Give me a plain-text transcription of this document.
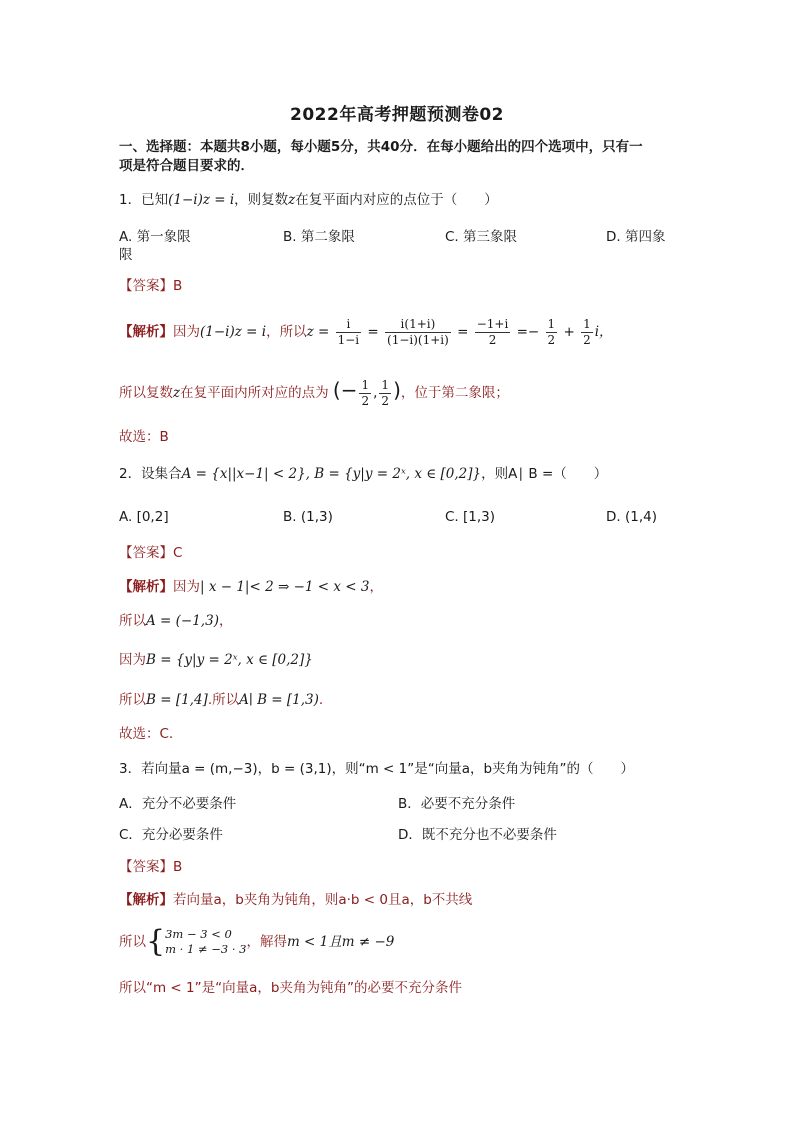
2022年高考押题预测卷02
一、选择题：本题共8小题，每小题5分，共40分．在每小题给出的四个选项中，只有一
项是符合题目要求的．
1．已知(1−i)z = i，则复数z在复平面内对应的点位于（　　）
A. 第一象限	B. 第二象限	C. 第三象限	D. 第四象
限
【答案】B
【解析】因为(1−i)z = i，所以$z = \frac{i}{1-i} = \frac{i(1+i)}{(1-i)(1+i)} = \frac{-1+i}{2} =- \frac{1}{2} + \frac{1}{2}$ i，
所以复数z在复平面内所对应的点为 (− $\frac{1}{2}$ , $\frac{1}{2}$ )，位于第二象限；
故选：B
2．设集合A = {x||x−1| < 2}, B = {y|y = 2ˣ, x ∈ [0,2]}，则A∣ B =（　　）
A. [0,2]	B. (1,3)	C. [1,3)	D. (1,4)
【答案】C
【解析】因为| x − 1|< 2 ⇒ −1 < x < 3，
所以A = (−1,3)，
因为B = {y|y = 2ˣ, x ∈ [0,2]}
所以B = [1,4].所以A∣ B = [1,3).
故选：C.
3．若向量a = (m,−3)，b = (3,1)，则“m < 1”是“向量a，b夹角为钝角”的（　　）
A．充分不必要条件	B．必要不充分条件
C．充分必要条件	D．既不充分也不必要条件
【答案】B
【解析】若向量a，b夹角为钝角，则a·b < 0且a，b不共线
所以{ 3m − 3 < 0
m · 1 ≠ −3 · 3 ，解得m < 1且m ≠ −9
所以“m < 1”是“向量a，b夹角为钝角”的必要不充分条件
